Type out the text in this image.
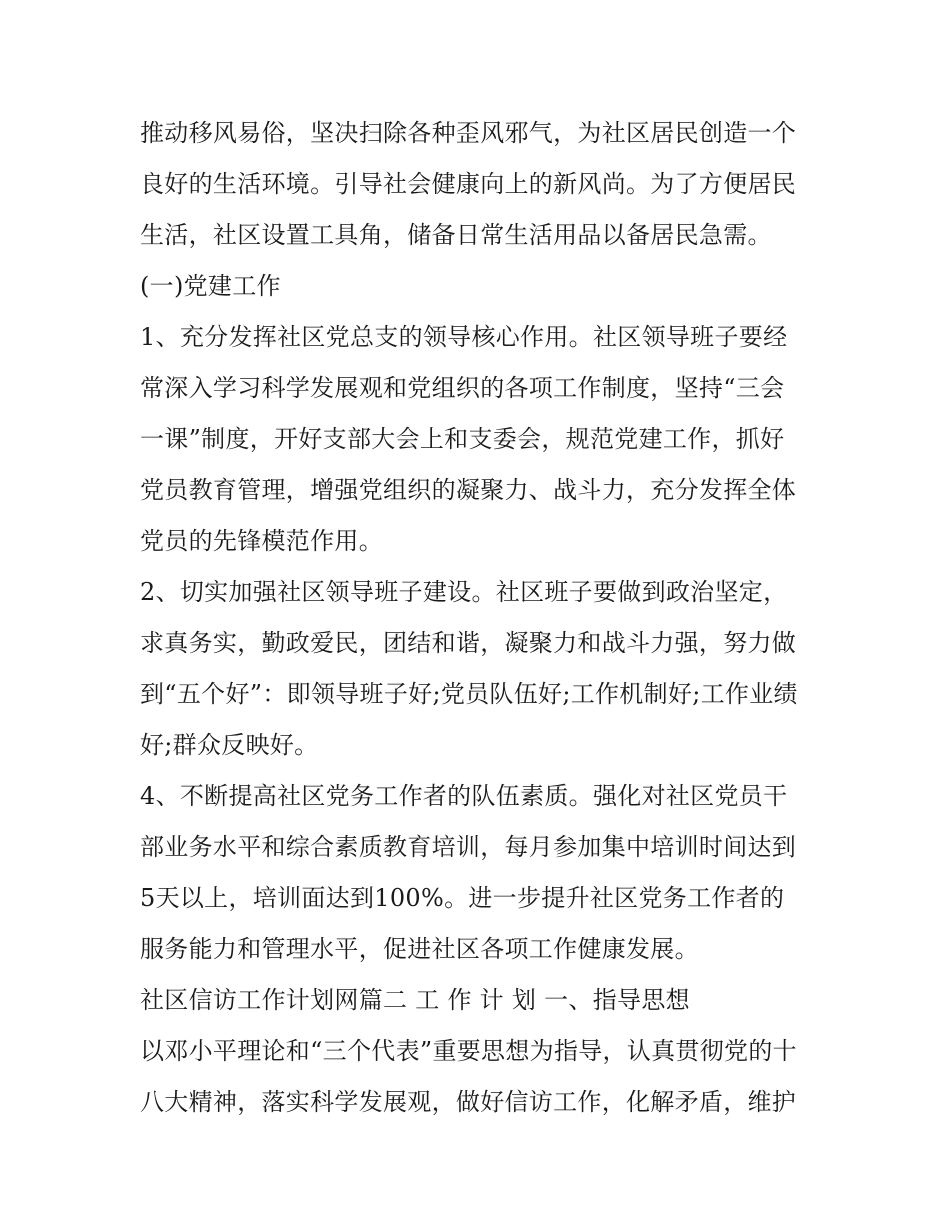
推动移风易俗，坚决扫除各种歪风邪气，为社区居民创造一个
良好的生活环境。引导社会健康向上的新风尚。为了方便居民
生活，社区设置工具角，储备日常生活用品以备居民急需。
(一)党建工作
1、充分发挥社区党总支的领导核心作用。社区领导班子要经
常深入学习科学发展观和党组织的各项工作制度，坚持“三会
一课”制度，开好支部大会上和支委会，规范党建工作，抓好
党员教育管理，增强党组织的凝聚力、战斗力，充分发挥全体
党员的先锋模范作用。
2、切实加强社区领导班子建设。社区班子要做到政治坚定，
求真务实，勤政爱民，团结和谐，凝聚力和战斗力强，努力做
到“五个好”：即领导班子好;党员队伍好;工作机制好;工作业绩
好;群众反映好。
4、不断提高社区党务工作者的队伍素质。强化对社区党员干
部业务水平和综合素质教育培训，每月参加集中培训时间达到
5天以上，培训面达到100%。进一步提升社区党务工作者的
服务能力和管理水平，促进社区各项工作健康发展。
社区信访工作计划网篇二 工 作 计 划 一、指导思想
以邓小平理论和“三个代表”重要思想为指导，认真贯彻党的十
八大精神，落实科学发展观，做好信访工作，化解矛盾，维护
